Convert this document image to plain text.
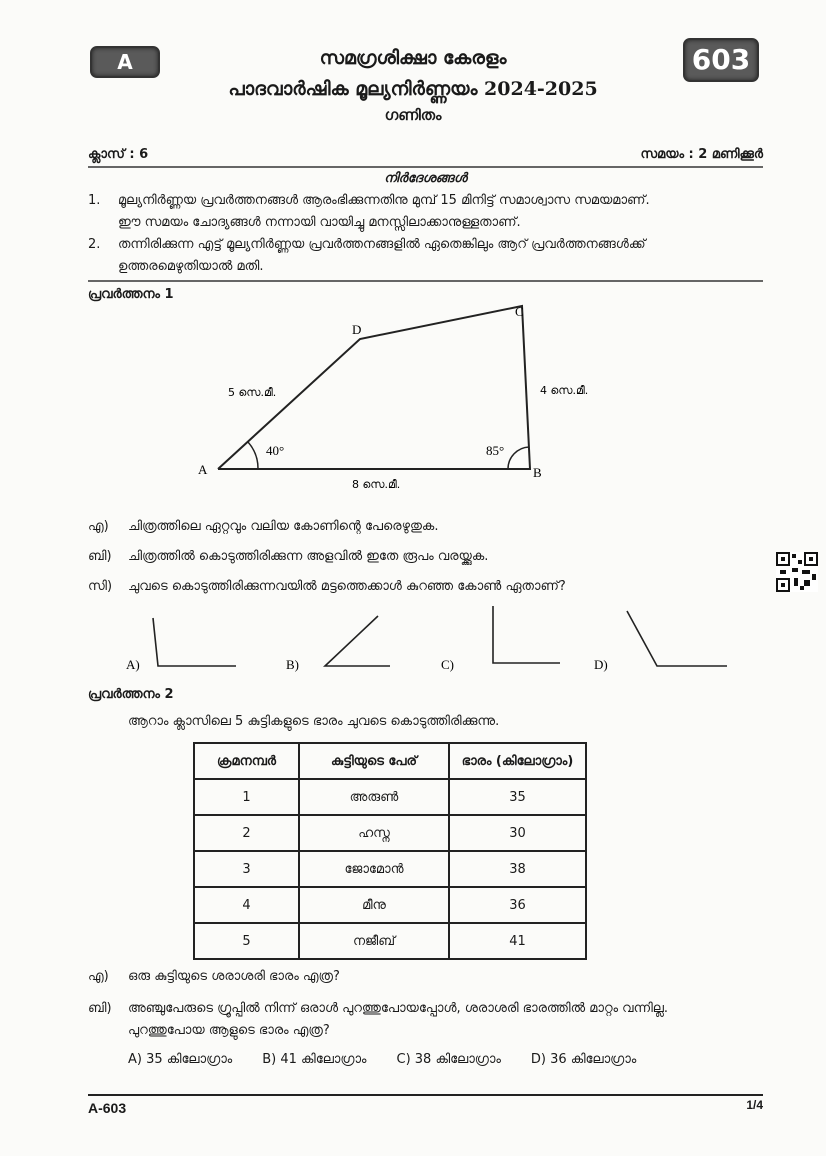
A	603
സമഗ്രശിക്ഷാ കേരളം
പാദവാർഷിക മൂല്യനിർണ്ണയം 2024-2025
ഗണിതം
ക്ലാസ് : 6	സമയം : 2 മണിക്കൂർ
നിർദേശങ്ങൾ
1.	മൂല്യനിർണ്ണയ പ്രവർത്തനങ്ങൾ ആരംഭിക്കുന്നതിനു മുമ്പ് 15 മിനിട്ട് സമാശ്വാസ സമയമാണ്.
ഈ സമയം ചോദ്യങ്ങൾ നന്നായി വായിച്ചു മനസ്സിലാക്കാനുള്ളതാണ്.
2.	തന്നിരിക്കുന്ന എട്ട് മൂല്യനിർണ്ണയ പ്രവർത്തനങ്ങളിൽ ഏതെങ്കിലും ആറ് പ്രവർത്തനങ്ങൾക്ക്
ഉത്തരമെഴുതിയാൽ മതി.
പ്രവർത്തനം 1
A	B
C
D
5 സെ.മീ.	4 സെ.മീ.
8 സെ.മീ.
40°	85°
എ)	ചിത്രത്തിലെ ഏറ്റവും വലിയ കോണിന്റെ പേരെഴുതുക.
ബി)	ചിത്രത്തിൽ കൊടുത്തിരിക്കുന്ന അളവിൽ ഇതേ രൂപം വരയ്ക്കുക.
സി)	ചുവടെ കൊടുത്തിരിക്കുന്നവയിൽ മട്ടത്തെക്കാൾ കുറഞ്ഞ കോൺ ഏതാണ്?
A)	B)	C)	D)
പ്രവർത്തനം 2
ആറാം ക്ലാസിലെ 5 കുട്ടികളുടെ ഭാരം ചുവടെ കൊടുത്തിരിക്കുന്നു.
ക്രമനമ്പർ	കുട്ടിയുടെ പേര്	ഭാരം (കിലോഗ്രാം)
1	അരുൺ	35
2	ഹസ്ന	30
3	ജോമോൻ	38
4	മീനു	36
5	നജീബ്	41
എ)	ഒരു കുട്ടിയുടെ ശരാശരി ഭാരം എത്ര?
ബി)	അഞ്ചുപേരുടെ ഗ്രൂപ്പിൽ നിന്ന് ഒരാൾ പുറത്തുപോയപ്പോൾ, ശരാശരി ഭാരത്തിൽ മാറ്റം വന്നില്ല.
പുറത്തുപോയ ആളുടെ ഭാരം എത്ര?
A) 35 കിലോഗ്രാം B) 41 കിലോഗ്രാം C) 38 കിലോഗ്രാം D) 36 കിലോഗ്രാം
A-603	1/4
